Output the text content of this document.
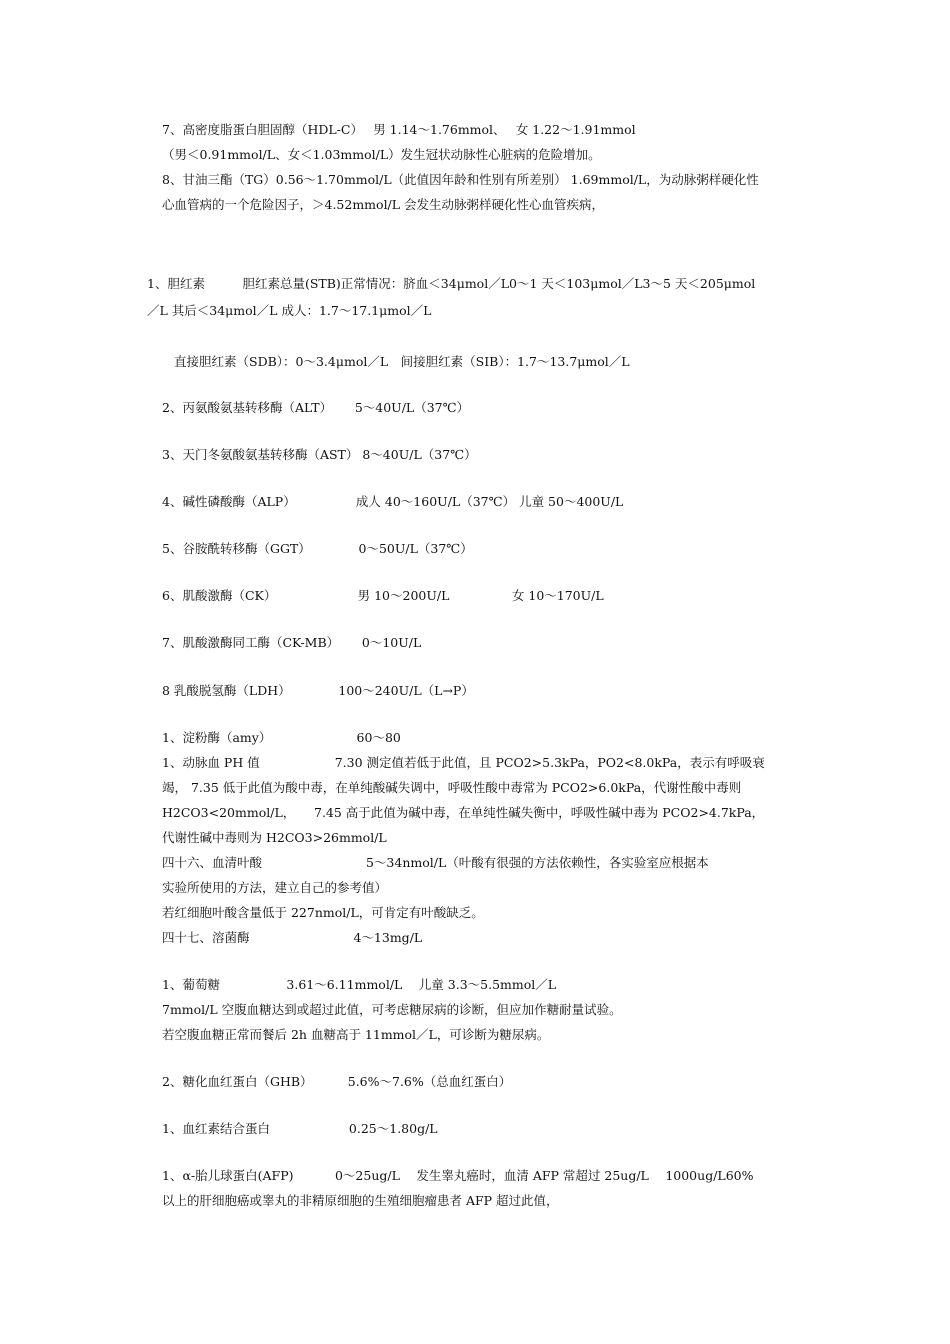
7、高密度脂蛋白胆固醇（HDL-C）　 男 1.14～1.76mmol、　 女 1.22～1.91mmol
（男＜0.91mmol/L、女＜1.03mmol/L）发生冠状动脉性心脏病的危险增加。
8、甘油三酯（TG）0.56～1.70mmol/L（此值因年龄和性别有所差别） 1.69mmol/L，为动脉粥样硬化性
心血管病的一个危险因子，＞4.52mmol/L 会发生动脉粥样硬化性心血管疾病，
1、胆红素　　　胆红素总量(STB)正常情况：脐血＜34μmol／L0～1 天＜103μmol／L3～5 天＜205μmol
／L 其后＜34μmol／L 成人：1.7～17.1μmol／L
直接胆红素（SDB）：0～3.4μmol／L　间接胆红素（SIB）：1.7～13.7μmol／L
2、丙氨酸氨基转移酶（ALT）　　 5～40U/L（37℃）
3、天门冬氨酸氨基转移酶（AST） 8～40U/L（37℃）
4、碱性磷酸酶（ALP）　　　　　 成人 40～160U/L（37℃） 儿童 50～400U/L
5、谷胺酰转移酶（GGT）　　　　 0～50U/L（37℃）
6、肌酸激酶（CK）　　　　　　　男 10～200U/L　　　　　女 10～170U/L
7、肌酸激酶同工酶（CK-MB）　　 0～10U/L
8 乳酸脱氢酶（LDH）　　　　 100～240U/L（L→P）
1、淀粉酶（amy）　　　　　　　 60～80
1、动脉血 PH 值　　　　　　7.30 测定值若低于此值，且 PCO2>5.3kPa，PO2<8.0kPa，表示有呼吸衰
竭， 7.35 低于此值为酸中毒，在单纯酸碱失调中，呼吸性酸中毒常为 PCO2>6.0kPa，代谢性酸中毒则
H2CO3<20mmol/L，　　7.45 高于此值为碱中毒，在单纯性碱失衡中，呼吸性碱中毒为 PCO2>4.7kPa，
代谢性碱中毒则为 H2CO3>26mmol/L
四十六、血清叶酸　　　　　　　　 5～34nmol/L（叶酸有很强的方法依赖性，各实验室应根据本
实验所使用的方法，建立自己的参考值）
若红细胞叶酸含量低于 227nmol/L，可肯定有叶酸缺乏。
四十七、溶菌酶　　　　　　　　 4～13mg/L
1、葡萄糖　　　　　 3.61～6.11mmol/L　 儿童 3.3～5.5mmol／L
7mmol/L 空腹血糖达到或超过此值，可考虑糖尿病的诊断，但应加作糖耐量试验。
若空腹血糖正常而餐后 2h 血糖高于 11mmol／L，可诊断为糖尿病。
2、糖化血红蛋白（GHB）　　　 5.6%～7.6%（总血红蛋白）
1、血红素结合蛋白　　　　　　 0.25～1.80g/L
1、α-胎儿球蛋白(AFP)　　　 0～25ug/L　 发生睾丸癌时，血清 AFP 常超过 25ug/L　 1000ug/L60%
以上的肝细胞癌或睾丸的非精原细胞的生殖细胞瘤患者 AFP 超过此值，
